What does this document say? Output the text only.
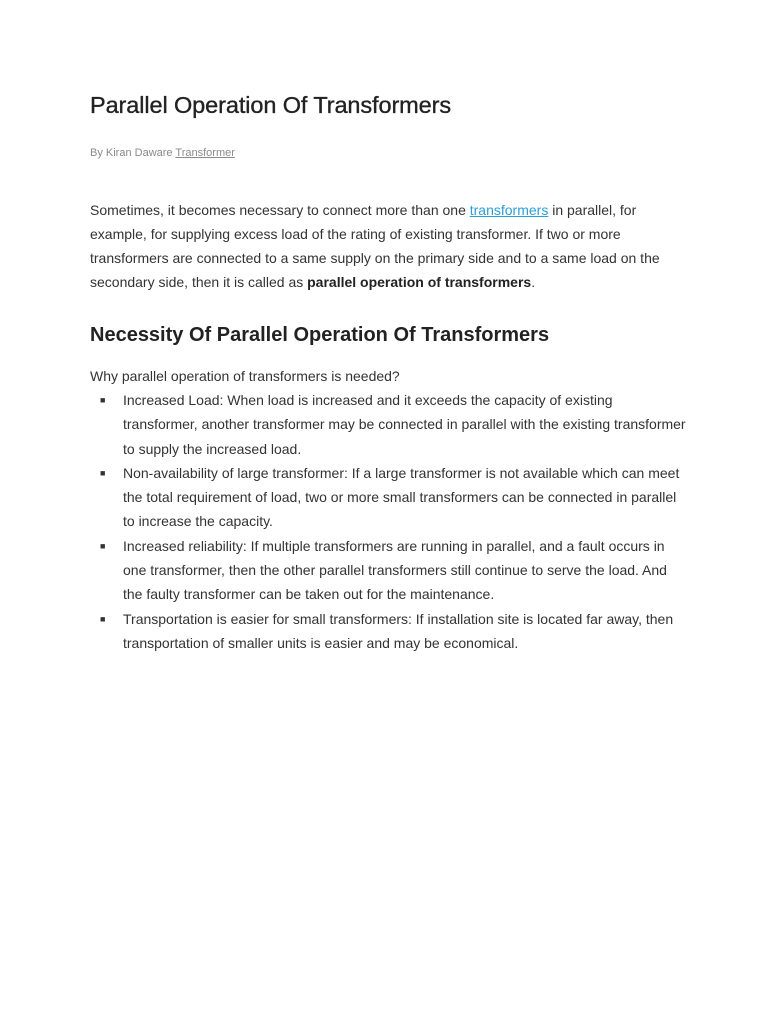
Parallel Operation Of Transformers
By Kiran Daware Transformer

Sometimes, it becomes necessary to connect more than one transformers in parallel, for example, for supplying excess load of the rating of existing transformer. If two or more transformers are connected to a same supply on the primary side and to a same load on the secondary side, then it is called as parallel operation of transformers.

Necessity Of Parallel Operation Of Transformers

Why parallel operation of transformers is needed?

■ Increased Load: When load is increased and it exceeds the capacity of existing transformer, another transformer may be connected in parallel with the existing transformer to supply the increased load.
■ Non-availability of large transformer: If a large transformer is not available which can meet the total requirement of load, two or more small transformers can be connected in parallel to increase the capacity.
■ Increased reliability: If multiple transformers are running in parallel, and a fault occurs in one transformer, then the other parallel transformers still continue to serve the load. And the faulty transformer can be taken out for the maintenance.
■ Transportation is easier for small transformers: If installation site is located far away, then transportation of smaller units is easier and may be economical.
